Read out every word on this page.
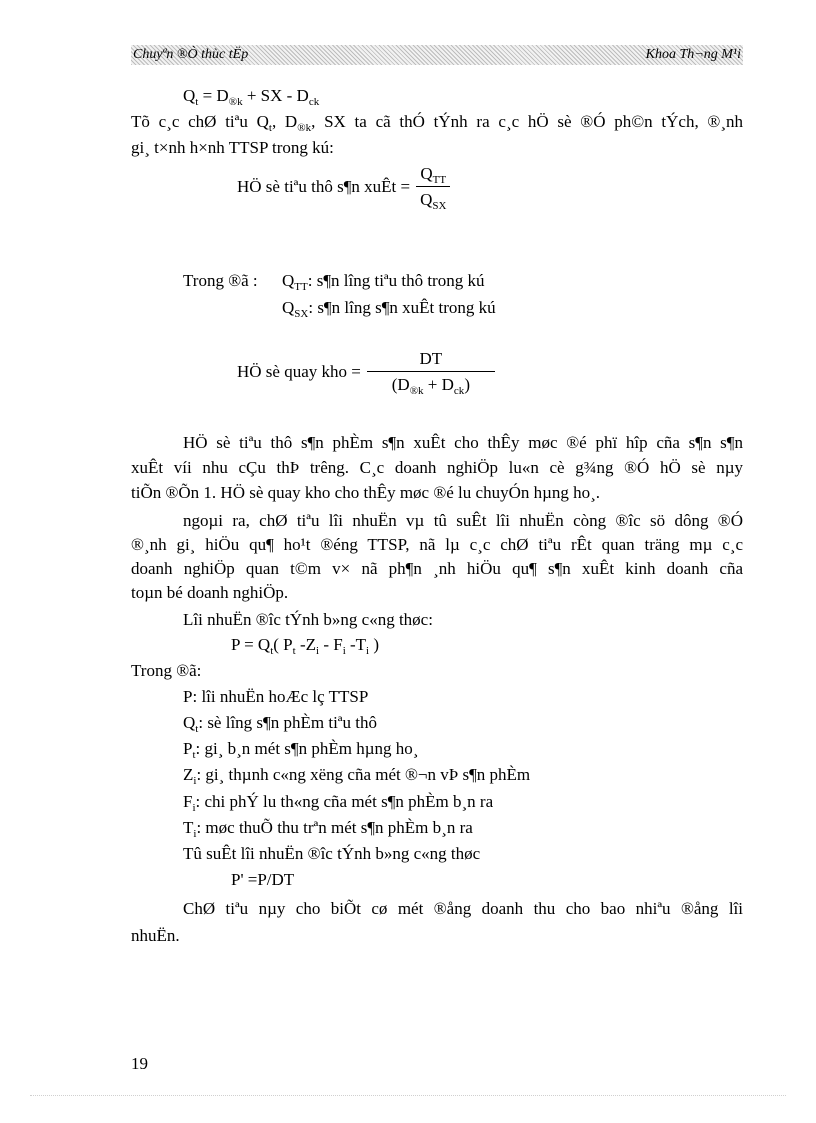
Chuyªn ®Ò thùc tËp	Khoa Th¬ng M¹i
$Q_t = D_{®k}$ + SX - $D_{ck}$
Tõ c¸c chØ tiªu $Q_t$, $D_{®k}$, SX ta cã thÓ tÝnh ra c¸c hÖ sè ®Ó ph©n tÝch, ®¸nh
gi¸ t×nh h×nh TTSP trong kú:
HÖ sè tiªu thô s¶n xuÊt = $\frac{Q_{TT}}{Q_{SX}}$
Trong ®ã : $Q_{TT}$: s¶n lîng tiªu thô trong kú
$Q_{SX}$: s¶n lîng s¶n xuÊt trong kú
HÖ sè quay kho = $\frac{DT}{(D_{®k} + D_{ck})}$
HÖ sè tiªu thô s¶n phÈm s¶n xuÊt cho thÊy møc ®é phï hîp cña s¶n s¶n
xuÊt víi nhu cÇu thÞ trêng. C¸c doanh nghiÖp lu«n cè g¾ng ®Ó hÖ sè nµy
tiÕn ®Õn 1. HÖ sè quay kho cho thÊy møc ®é lu chuyÓn hµng ho¸.
ngoµi ra, chØ tiªu lîi nhuËn vµ tû suÊt lîi nhuËn còng ®îc sö dông ®Ó
®¸nh gi¸ hiÖu qu¶ ho¹t ®éng TTSP, nã lµ c¸c chØ tiªu rÊt quan träng mµ c¸c
doanh nghiÖp quan t©m v× nã ph¶n ¸nh hiÖu qu¶ s¶n xuÊt kinh doanh cña
toµn bé doanh nghiÖp.
Lîi nhuËn ®îc tÝnh b»ng c«ng thøc:
$P = Q_t$( $P_t$ $-Z_i - F_i$ $-T_i$ )
Trong ®ã:
P: lîi nhuËn hoÆc lç TTSP
$Q_t$: sè lîng s¶n phÈm tiªu thô
$P_t$: gi¸ b¸n mét s¶n phÈm hµng ho¸
$Z_i$: gi¸ thµnh c«ng xëng cña mét ®¬n vÞ s¶n phÈm
$F_i$: chi phÝ lu th«ng cña mét s¶n phÈm b¸n ra
$T_i$: møc thuÕ thu trªn mét s¶n phÈm b¸n ra
Tû suÊt lîi nhuËn ®îc tÝnh b»ng c«ng thøc
P' =P/DT
ChØ tiªu nµy cho biÕt cø mét ®ång doanh thu cho bao nhiªu ®ång lîi
nhuËn.
19
